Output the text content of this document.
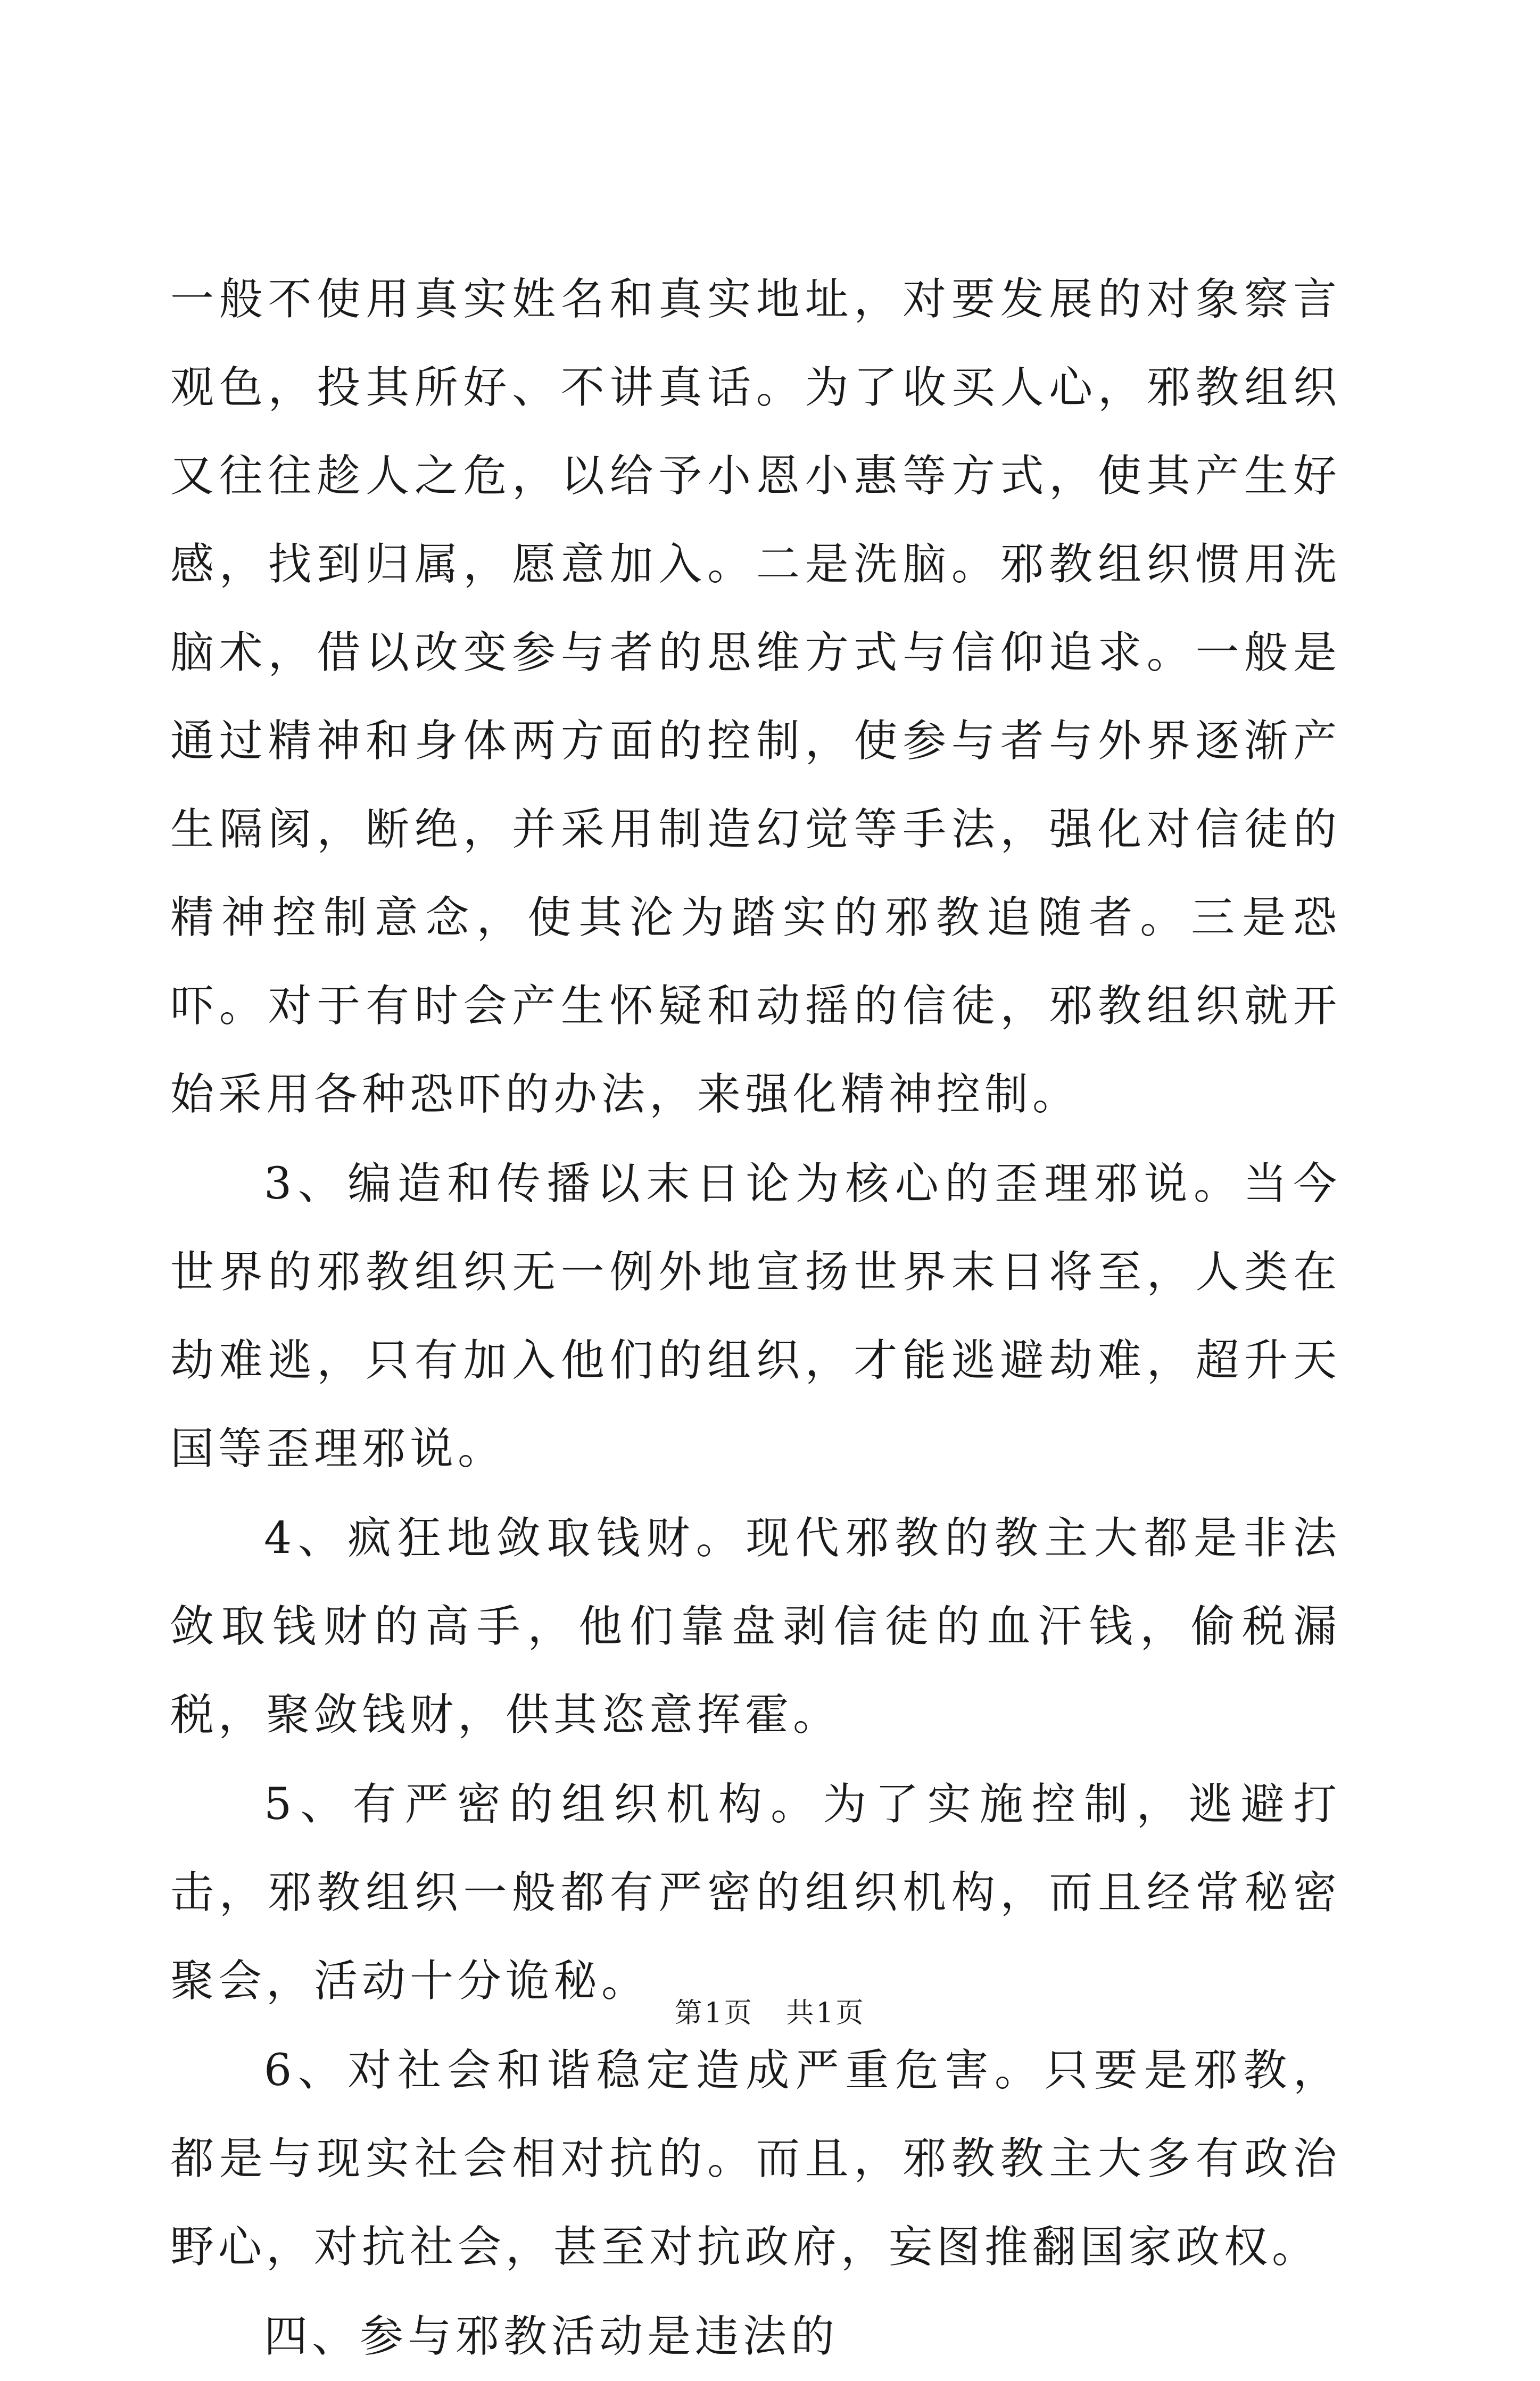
一般不使用真实姓名和真实地址，对要发展的对象察言观色，投其所好、不讲真话。为了收买人心，邪教组织又往往趁人之危，以给予小恩小惠等方式，使其产生好感，找到归属，愿意加入。二是洗脑。邪教组织惯用洗脑术，借以改变参与者的思维方式与信仰追求。一般是通过精神和身体两方面的控制，使参与者与外界逐渐产生隔阂，断绝，并采用制造幻觉等手法，强化对信徒的精神控制意念，使其沦为踏实的邪教追随者。三是恐吓。对于有时会产生怀疑和动摇的信徒，邪教组织就开始采用各种恐吓的办法，来强化精神控制。

3、编造和传播以末日论为核心的歪理邪说。当今世界的邪教组织无一例外地宣扬世界末日将至，人类在劫难逃，只有加入他们的组织，才能逃避劫难，超升天国等歪理邪说。

4、疯狂地敛取钱财。现代邪教的教主大都是非法敛取钱财的高手，他们靠盘剥信徒的血汗钱，偷税漏税，聚敛钱财，供其恣意挥霍。

5、有严密的组织机构。为了实施控制，逃避打击，邪教组织一般都有严密的组织机构，而且经常秘密聚会，活动十分诡秘。

6、对社会和谐稳定造成严重危害。只要是邪教，都是与现实社会相对抗的。而且，邪教教主大多有政治野心，对抗社会，甚至对抗政府，妄图推翻国家政权。

四、参与邪教活动是违法的

第1页 共1页
